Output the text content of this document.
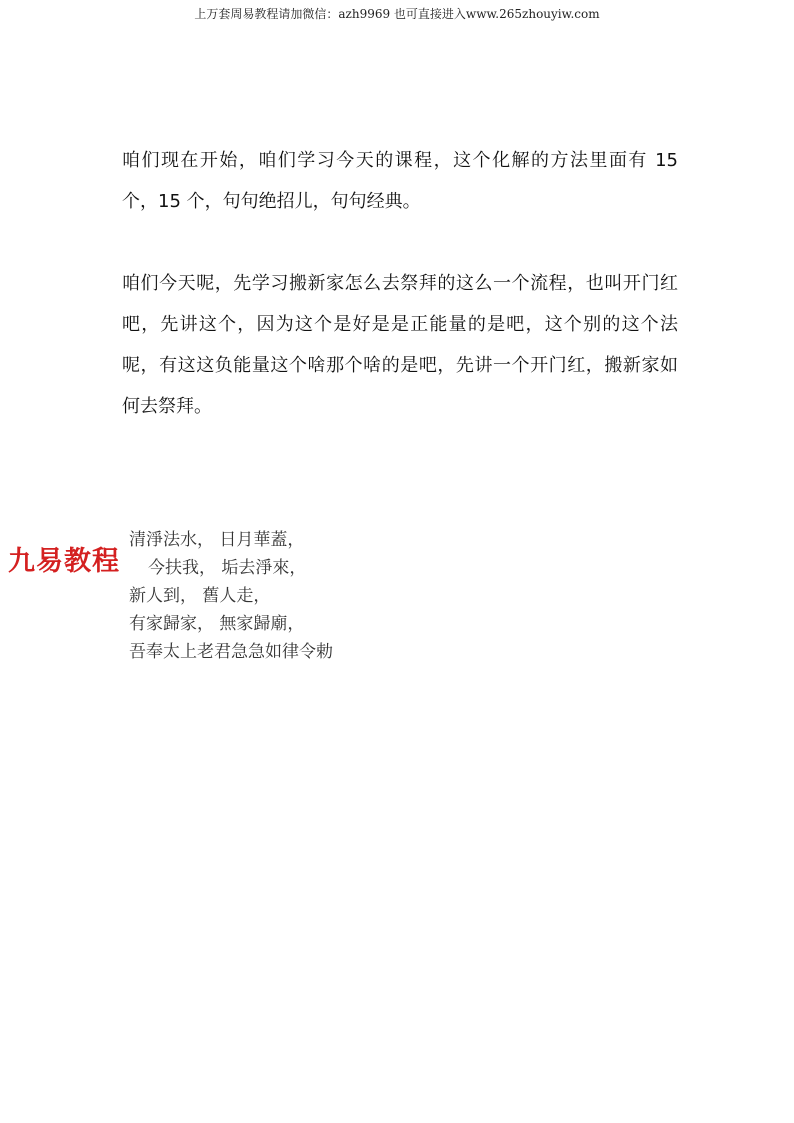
上万套周易教程请加微信：azh9969 也可直接进入www.265zhouyiw.com

咱们现在开始，咱们学习今天的课程，这个化解的方法里面有 15 个，15 个，句句绝招儿，句句经典。

咱们今天呢，先学习搬新家怎么去祭拜的这么一个流程，也叫开门红吧，先讲这个，因为这个是好是是正能量的是吧，这个别的这个法呢，有这这负能量这个啥那个啥的是吧，先讲一个开门红，搬新家如何去祭拜。

清淨法水， 日月華蓋，
今扶我， 垢去淨來，
新人到， 舊人走，
有家歸家， 無家歸廟，
吾奉太上老君急急如律令勅
九易教程
